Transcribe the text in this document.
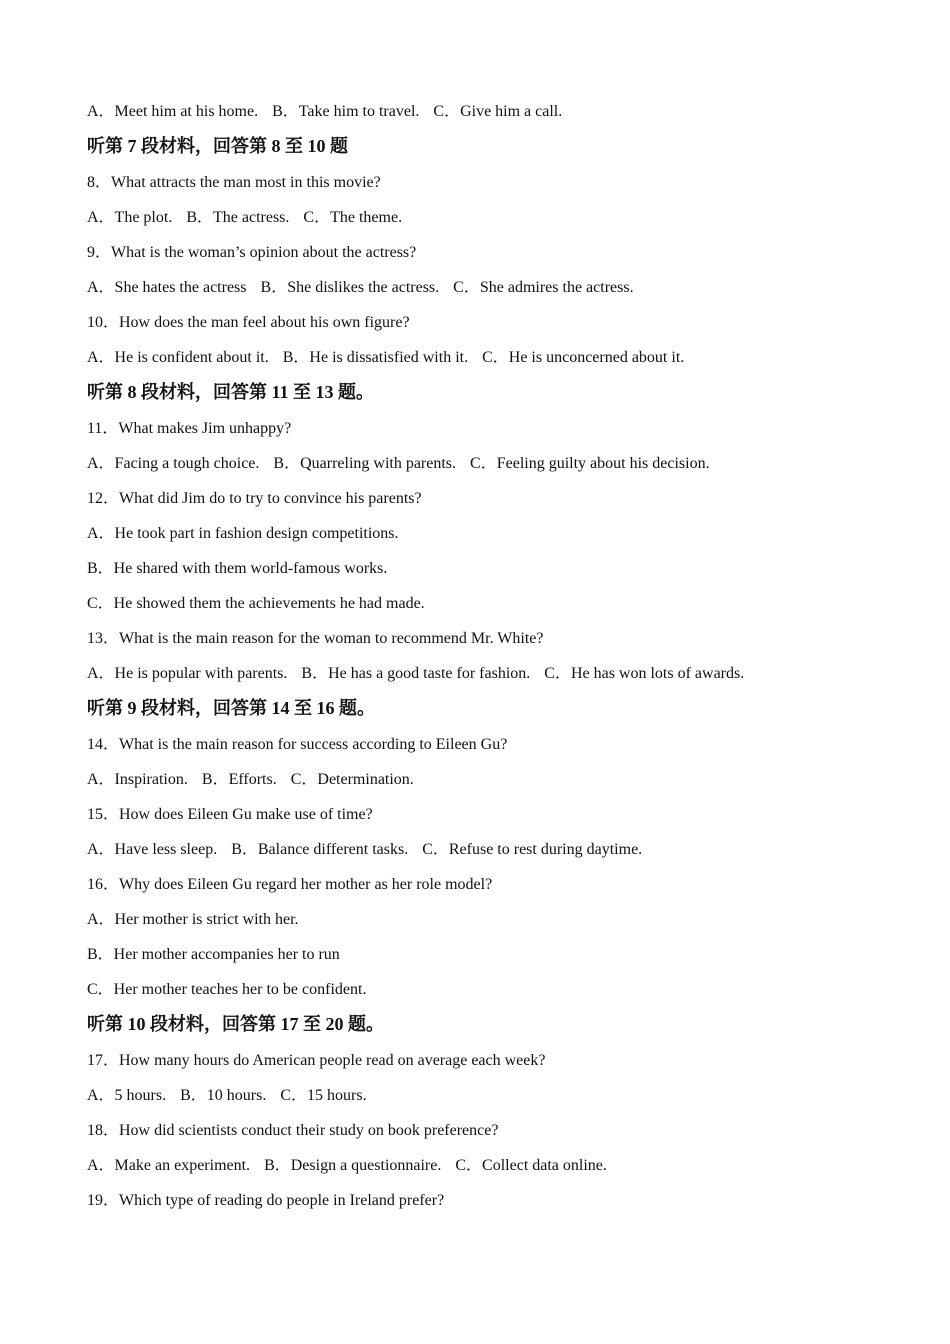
A．Meet him at his home. B．Take him to travel. C．Give him a call.
听第 7 段材料，回答第 8 至 10 题
8．What attracts the man most in this movie?
A．The plot. B．The actress. C．The theme.
9．What is the woman’s opinion about the actress?
A．She hates the actress B．She dislikes the actress. C．She admires the actress.
10．How does the man feel about his own figure?
A．He is confident about it. B．He is dissatisfied with it. C．He is unconcerned about it.
听第 8 段材料，回答第 11 至 13 题。
11．What makes Jim unhappy?
A．Facing a tough choice. B．Quarreling with parents. C．Feeling guilty about his decision.
12．What did Jim do to try to convince his parents?
A．He took part in fashion design competitions.
B．He shared with them world-famous works.
C．He showed them the achievements he had made.
13．What is the main reason for the woman to recommend Mr. White?
A．He is popular with parents. B．He has a good taste for fashion. C．He has won lots of awards.
听第 9 段材料，回答第 14 至 16 题。
14．What is the main reason for success according to Eileen Gu?
A．Inspiration. B．Efforts. C．Determination.
15．How does Eileen Gu make use of time?
A．Have less sleep. B．Balance different tasks. C．Refuse to rest during daytime.
16．Why does Eileen Gu regard her mother as her role model?
A．Her mother is strict with her.
B．Her mother accompanies her to run
C．Her mother teaches her to be confident.
听第 10 段材料，回答第 17 至 20 题。
17．How many hours do American people read on average each week?
A．5 hours. B．10 hours. C．15 hours.
18．How did scientists conduct their study on book preference?
A．Make an experiment. B．Design a questionnaire. C．Collect data online.
19．Which type of reading do people in Ireland prefer?
